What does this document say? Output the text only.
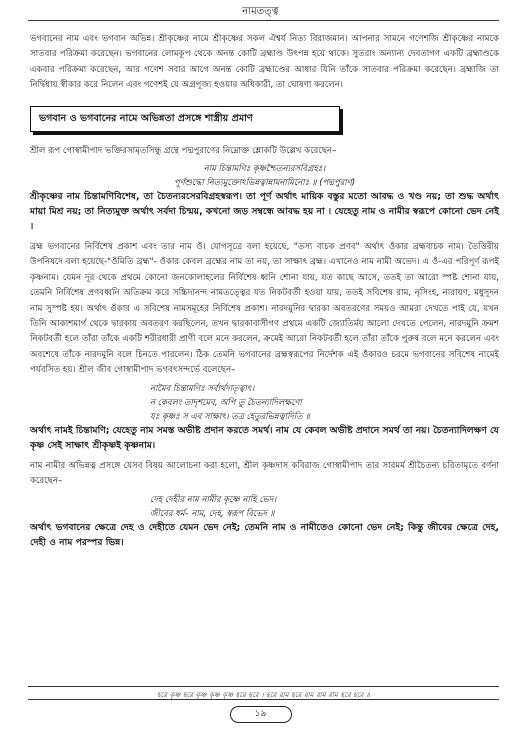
নামতত্ত্ব

ভগবানের নাম এবং ভগবান অভিন্ন। শ্রীকৃষ্ণের নামে শ্রীকৃষ্ণের সকল ঐশ্বর্য নিত্য বিরাজমান। আপনার সামনে গণেশজি শ্রীকৃষ্ণের নামকে সাতবার পরিক্রমা করেছেন। ভগবানের লোমকূপ থেকে অনন্ত কোটি ব্রহ্মাণ্ড উৎপন্ন হয়ে থাকে। সুতরাং অন্যান্য দেবতাগণ একটি ব্রহ্মাণ্ডকে একবার পরিক্রমা করেছেন, আর গণেশ সবার আগে অনন্ত কোটি ব্রহ্মাণ্ডের আধার যিনি তাঁকে সাতবার পরিক্রমা করেছেন। ব্রহ্মাজি তা নির্দ্বিধায় স্বীকার করে নিলেন এবং গণেশই যে অগ্রপূজ্য হওয়ার অধিকারী, তা ঘোষণা করলেন।

ভগবান ও ভগবানের নামে অভিন্নতা প্রসঙ্গে শাস্ত্রীয় প্রমাণ

শ্রীল রূপ গোস্বামীপাদ ভক্তিরসামৃতসিন্ধু গ্রন্থে পদ্মপুরাণের নিম্নোক্ত শ্লোকটি উল্লেখ করেছেন–

নাম চিন্তামণিঃ কৃষ্ণশ্চৈতন্যরসবিগ্রহঃ।
পূর্ণশুদ্ধো নিত্যমুক্তোঽভিন্নত্বান্নামনামিনোঃ ॥ (পদ্মপুরাণ)

শ্রীকৃষ্ণের নাম চিন্তামণিবিশেষ, তা চৈতন্যরসেরবিগ্রহস্বরূপ। তা পূর্ণ অর্থাৎ মায়িক বস্তুর মতো আবদ্ধ ও খণ্ড নয়; তা শুদ্ধ অর্থাৎ মায়া মিশ্র নয়; তা নিত্যমুক্ত অর্থাৎ সর্বদা চিন্ময়, কখনো জড় সম্বন্ধে আবদ্ধ হয় না । যেহেতু নাম ও নামীর স্বরূপে কোনো ভেদ নেই ।

ব্রহ্ম ভগবানের নির্বিশেষ প্রকাশ এবং তার নাম ওঁ। যোগসূত্রে বলা হয়েছে, "তস্য বাচক প্রণব" অর্থাৎ ওঁকার ব্রহ্মবাচক নাম। তৈত্তিরীয় উপনিষদে বলা হয়েছে-"ওঁমিতি ব্রহ্ম"- ওঁকার কেবল ব্রহ্মের নাম তা নয়, তা সাক্ষাৎ ব্রহ্ম। এখানেও নাম নামী অভেদ। এ ওঁ-এর পরিপূর্ণ রূপই কৃষ্ণনাম। যেমন দূর থেকে প্রথমে কোনো জনকোলাহলের নির্বিশেষ ধ্বনি শোনা যায়, যত কাছে আসে, ততই তা আরো স্পষ্ট শোনা যায়, তেমনি নির্বিশেষ প্রণবধ্বনি অতিক্রম করে সচ্চিদানন্দ নামতত্ত্বের যত নিকটবর্তী হওয়া যায়, ততই সবিশেষ রাম, নৃসিংহ, নারায়ণ, মধুসূদন নাম সুস্পষ্ট হয়। অর্থাৎ ওঁকার এ সবিশেষ নামসমূহের নির্বিশেষ প্রকাশ। নারদমুনির দ্বারকা অবতরণের সময়ও আমরা দেখতে পাই যে, যখন তিনি আকাশমার্গ থেকে দ্বারকায় অবতরণ করছিলেন, তখন দ্বারকাবাসীগণ প্রথমে একটি জ্যোতির্ময় আলো দেখতে পেলেন, নারদমুনি ক্রমশ নিকটবর্তী হলে তাঁরা তাঁকে একটি শরীরধারী প্রাণী বলে মনে করলেন, ক্রমেই আরো নিকটবর্তী হলে তাঁরা তাঁকে পুরুষ বলে মনে করলেন এবং অবশেষে তাঁকে নারদমুনি বলে চিনতে পারলেন। ঠিক তেমনি ভগবানের ব্রহ্মস্বরূপের নির্দেশক এই ওঁকারও চরমে ভগবানের সবিশেষ নামেই পর্যবসিত হয়। শ্রীল জীব গোস্বামীপাদ ভগবৎসন্দর্ভে বলেছেন–

নামৈব চিন্তামণিঃ সর্বার্থদাতৃত্বাৎ।
ন কেবলং তাদৃশমেব, অপি তু চৈতন্যাদিলক্ষণো
যঃ কৃষ্ণঃ স এব সাক্ষাৎ। তত্র হেতুরভিন্নত্বাদিতি ॥

অর্থাৎ নামই চিন্তামণি; যেহেতু নাম সমস্ত অভীষ্ট প্রদান করতে সমর্থ। নাম যে কেবল অভীষ্ট প্রদানে সমর্থ তা নয়। চৈতন্যাদিলক্ষণ যে কৃষ্ণ সেই সাক্ষাৎ শ্রীকৃষ্ণই কৃষ্ণনাম।

নাম নামীর অভিন্নত্ব প্রসঙ্গে যেসব বিষয় আলোচনা করা হলো, শ্রীল কৃষ্ণদাস কবিরাজ গোস্বামীপাদ তার সারমর্ম শ্রীচৈতন্য চরিতামৃতে বর্ণনা করেছেন–

দেহ দেহীর নাম নামীর কৃষ্ণে নাহি ভেদ।
জীবের ধর্ম– নাম, দেহ, স্বরূপ বিভেদ ॥

অর্থাৎ ভগবানের ক্ষেত্রে দেহ ও দেহীতে যেমন ভেদ নেই; তেমনি নাম ও নামীতেও কোনো ভেদ নেই; কিন্তু জীবের ক্ষেত্রে দেহ, দেহী ও নাম পরস্পর ভিন্ন।

হরে কৃষ্ণ হরে কৃষ্ণ কৃষ্ণ কৃষ্ণ হরে হরে । হরে রাম হরে রাম রাম রাম হরে হরে ॥
১৯
